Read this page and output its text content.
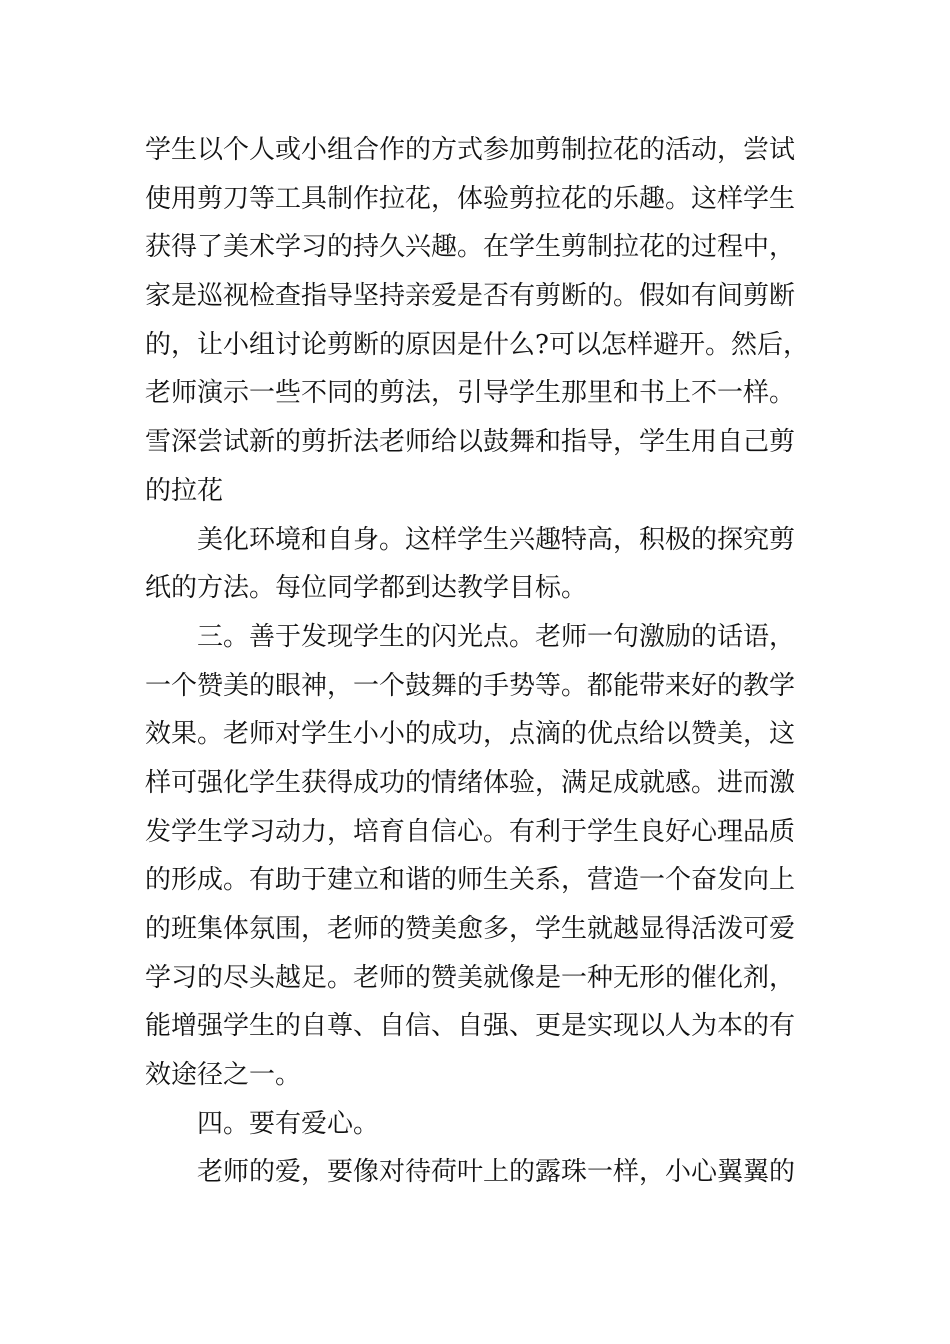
学生以个人或小组合作的方式参加剪制拉花的活动，尝试
使用剪刀等工具制作拉花，体验剪拉花的乐趣。这样学生
获得了美术学习的持久兴趣。在学生剪制拉花的过程中，
家是巡视检查指导坚持亲爱是否有剪断的。假如有间剪断
的，让小组讨论剪断的原因是什么?可以怎样避开。然后，
老师演示一些不同的剪法，引导学生那里和书上不一样。
雪深尝试新的剪折法老师给以鼓舞和指导，学生用自己剪
的拉花
美化环境和自身。这样学生兴趣特高，积极的探究剪
纸的方法。每位同学都到达教学目标。
三。善于发现学生的闪光点。老师一句激励的话语，
一个赞美的眼神，一个鼓舞的手势等。都能带来好的教学
效果。老师对学生小小的成功，点滴的优点给以赞美，这
样可强化学生获得成功的情绪体验，满足成就感。进而激
发学生学习动力，培育自信心。有利于学生良好心理品质
的形成。有助于建立和谐的师生关系，营造一个奋发向上
的班集体氛围，老师的赞美愈多，学生就越显得活泼可爱
学习的尽头越足。老师的赞美就像是一种无形的催化剂，
能增强学生的自尊、自信、自强、更是实现以人为本的有
效途径之一。
四。要有爱心。
老师的爱，要像对待荷叶上的露珠一样，小心翼翼的
